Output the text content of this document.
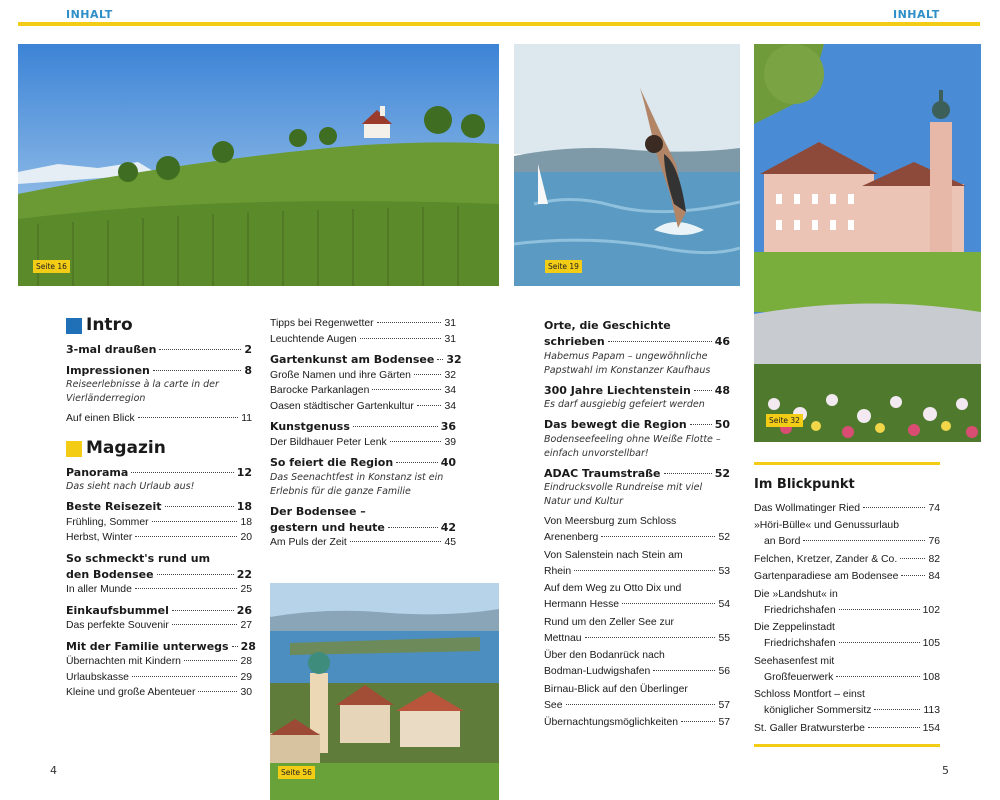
INHALT	INHALT
Seite 16	Seite 19
Seite 32
Seite 56
Intro
3-mal draußen	2
Impressionen	8
Reiseerlebnisse à la carte in der Vierländerregion
Auf einen Blick	11
Magazin
Panorama	12
Das sieht nach Urlaub aus!
Beste Reisezeit	18
Frühling, Sommer	18
Herbst, Winter	20
So schmeckt's rund um
den Bodensee	22
In aller Munde	25
Einkaufsbummel	26
Das perfekte Souvenir	27
Mit der Familie unterwegs 28
Übernachten mit Kindern	28
Urlaubskasse	29
Kleine und große Abenteuer	30
Tipps bei Regenwetter	31
Leuchtende Augen	31
Gartenkunst am Bodensee 32
Große Namen und ihre Gärten	32
Barocke Parkanlagen	34
Oasen städtischer Gartenkultur	34
Kunstgenuss	36
Der Bildhauer Peter Lenk	39
So feiert die Region	40
Das Seenachtfest in Konstanz ist ein Erlebnis für die ganze Familie
Der Bodensee –
gestern und heute	42
Am Puls der Zeit	45
Orte, die Geschichte
schrieben	46
Habemus Papam – ungewöhnliche Papstwahl im Konstanzer Kaufhaus
300 Jahre Liechtenstein 48
Es darf ausgiebig gefeiert werden
Das bewegt die Region	50
Bodenseefeeling ohne Weiße Flotte – einfach unvorstellbar!
ADAC Traumstraße	52
Eindrucksvolle Rundreise mit viel Natur und Kultur
Von Meersburg zum Schloss
Arenenberg	52
Von Salenstein nach Stein am
Rhein	53
Auf dem Weg zu Otto Dix und
Hermann Hesse	54
Rund um den Zeller See zur
Mettnau	55
Über den Bodanrück nach
Bodman-Ludwigshafen	56
Birnau-Blick auf den Überlinger
See	57
Übernachtungsmöglichkeiten	57
Im Blickpunkt
Das Wollmatinger Ried	74
»Höri-Bülle« und Genussurlaub
an Bord	76
Felchen, Kretzer, Zander & Co.	82
Gartenparadiese am Bodensee	84
Die »Landshut« in
Friedrichshafen	102
Die Zeppelinstadt
Friedrichshafen	105
Seehasenfest mit
Großfeuerwerk	108
Schloss Montfort – einst
königlicher Sommersitz	113
St. Galler Bratwursterbe	154
4	5
